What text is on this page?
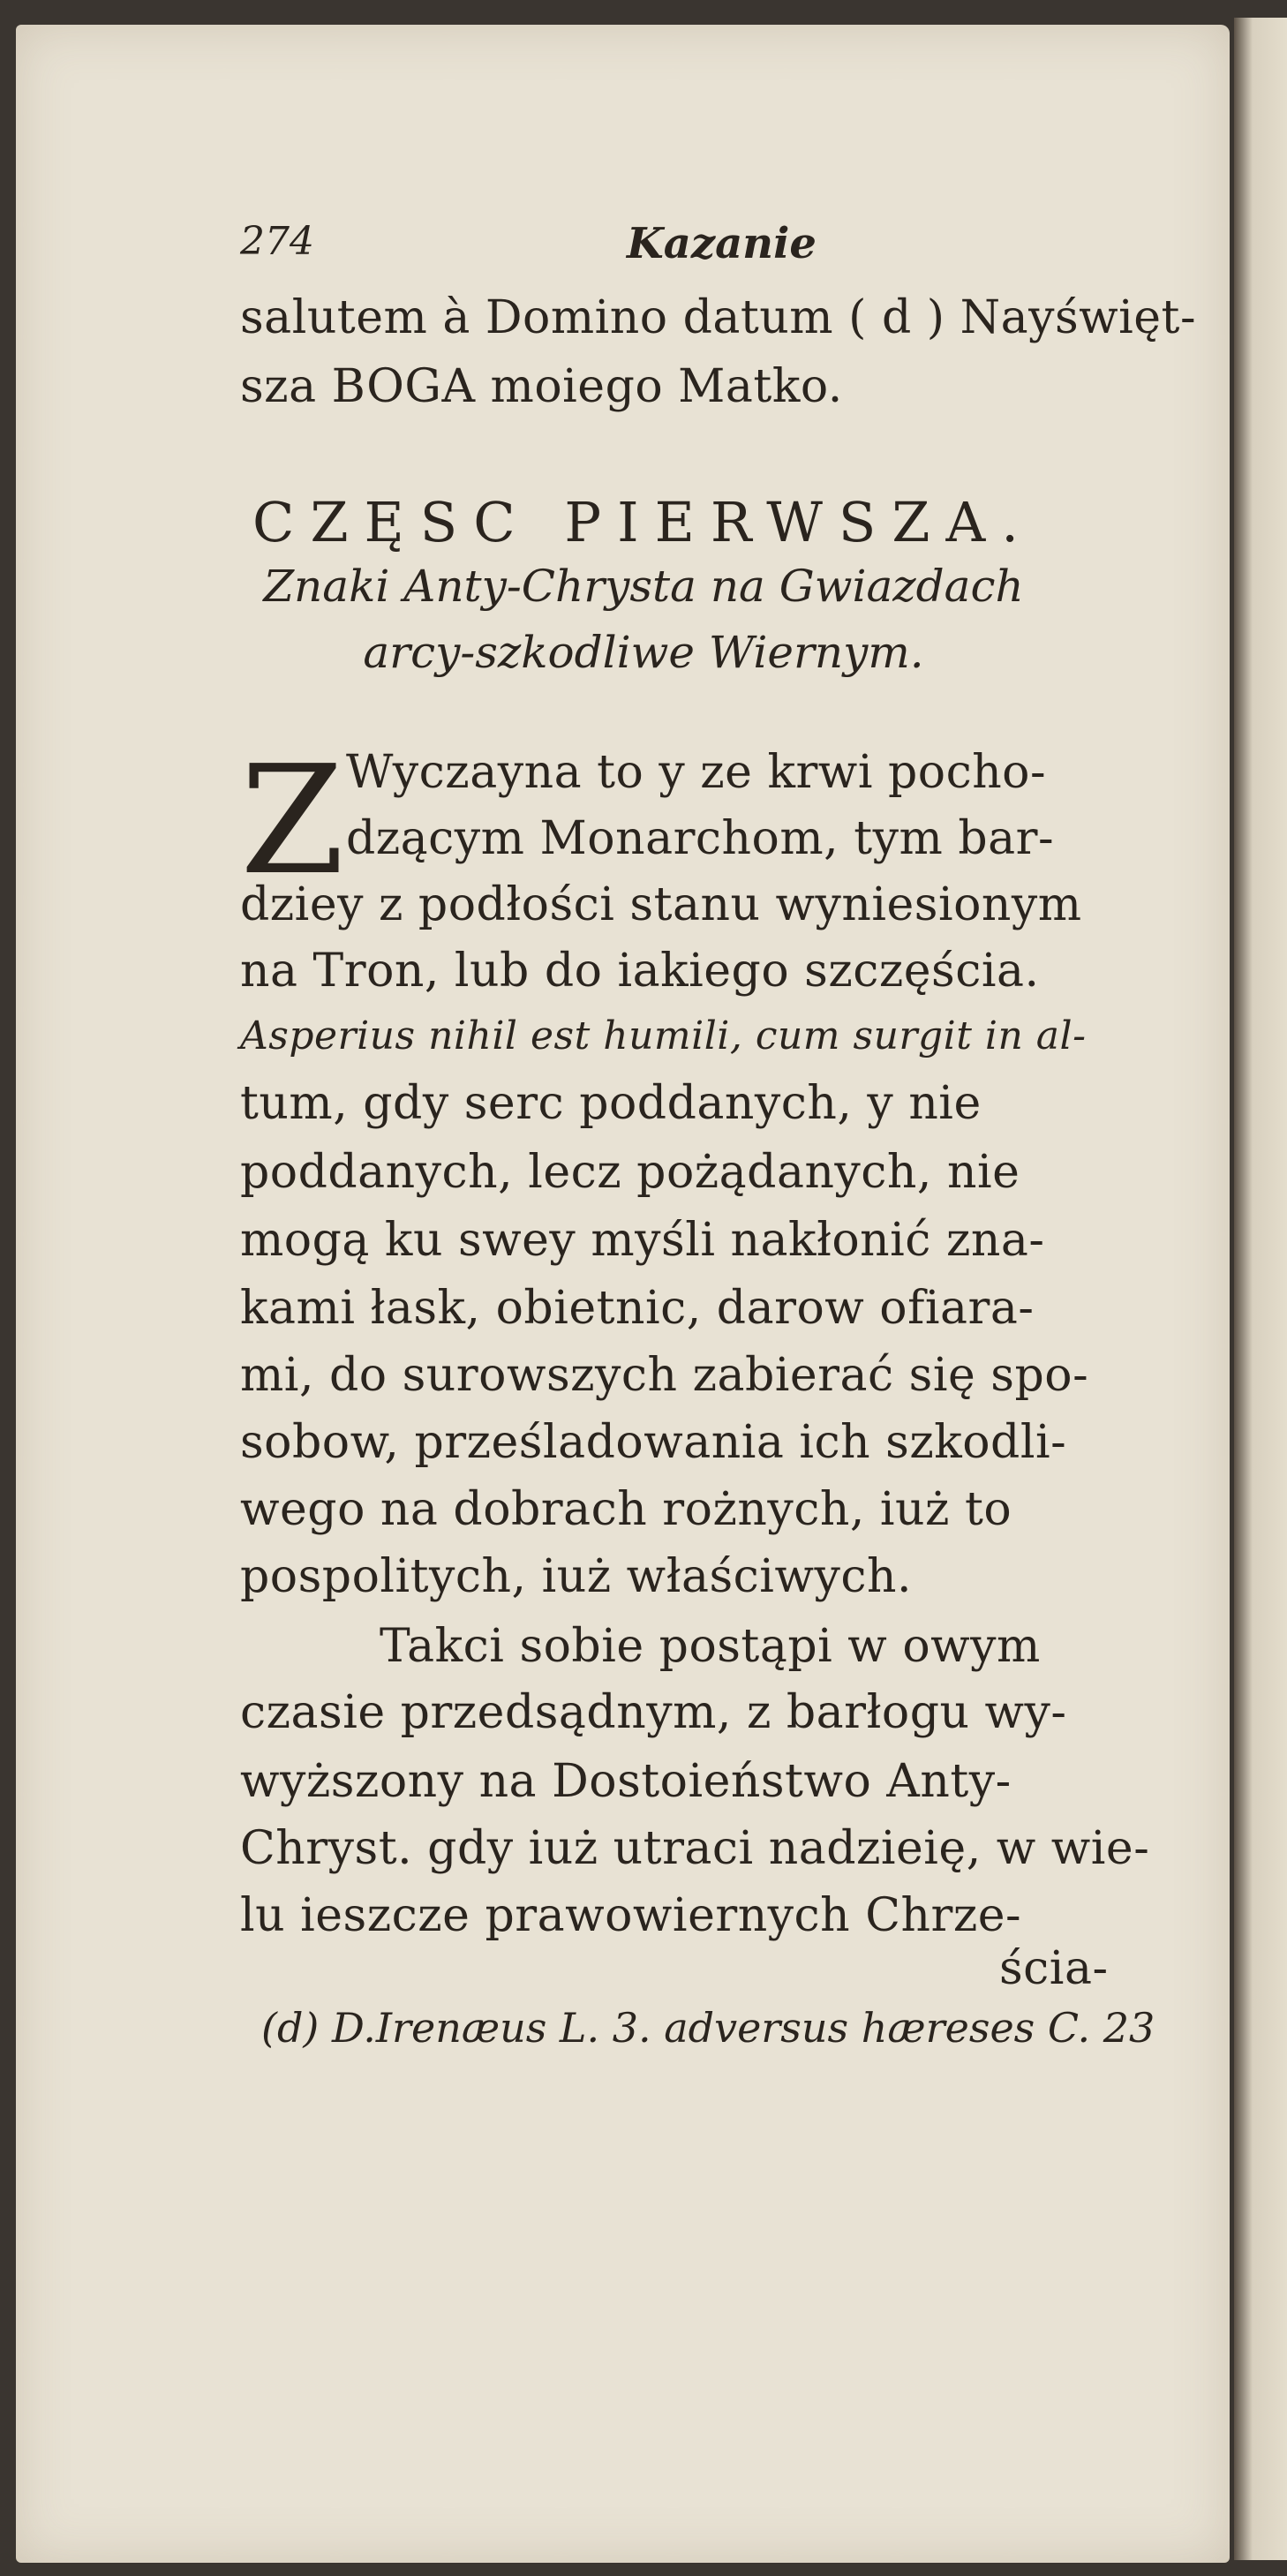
274	Kazanie
salutem à Domino datum ( d ) Nayświęt-
sza BOGA moiego Matko.
CZĘSC PIERWSZA.
Znaki Anty-Chrysta na Gwiazdach
arcy-szkodliwe Wiernym.
Z Wyczayna to y ze krwi pocho-
dzącym Monarchom, tym bar-
dziey z podłości stanu wyniesionym
na Tron, lub do iakiego szczęścia.
Asperius nihil est humili, cum surgit in al-
tum, gdy serc poddanych, y nie
poddanych, lecz pożądanych, nie
mogą ku swey myśli nakłonić zna-
kami łask, obietnic, darow ofiara-
mi, do surowszych zabierać się spo-
sobow, prześladowania ich szkodli-
wego na dobrach rożnych, iuż to
pospolitych, iuż właściwych.
Takci sobie postąpi w owym
czasie przedsądnym, z barłogu wy-
wyższony na Dostoieństwo Anty-
Chryst. gdy iuż utraci nadzieię, w wie-
lu ieszcze prawowiernych Chrze-
ścia-
(d) D.Irenæus L. 3. adversus hæreses C. 23
